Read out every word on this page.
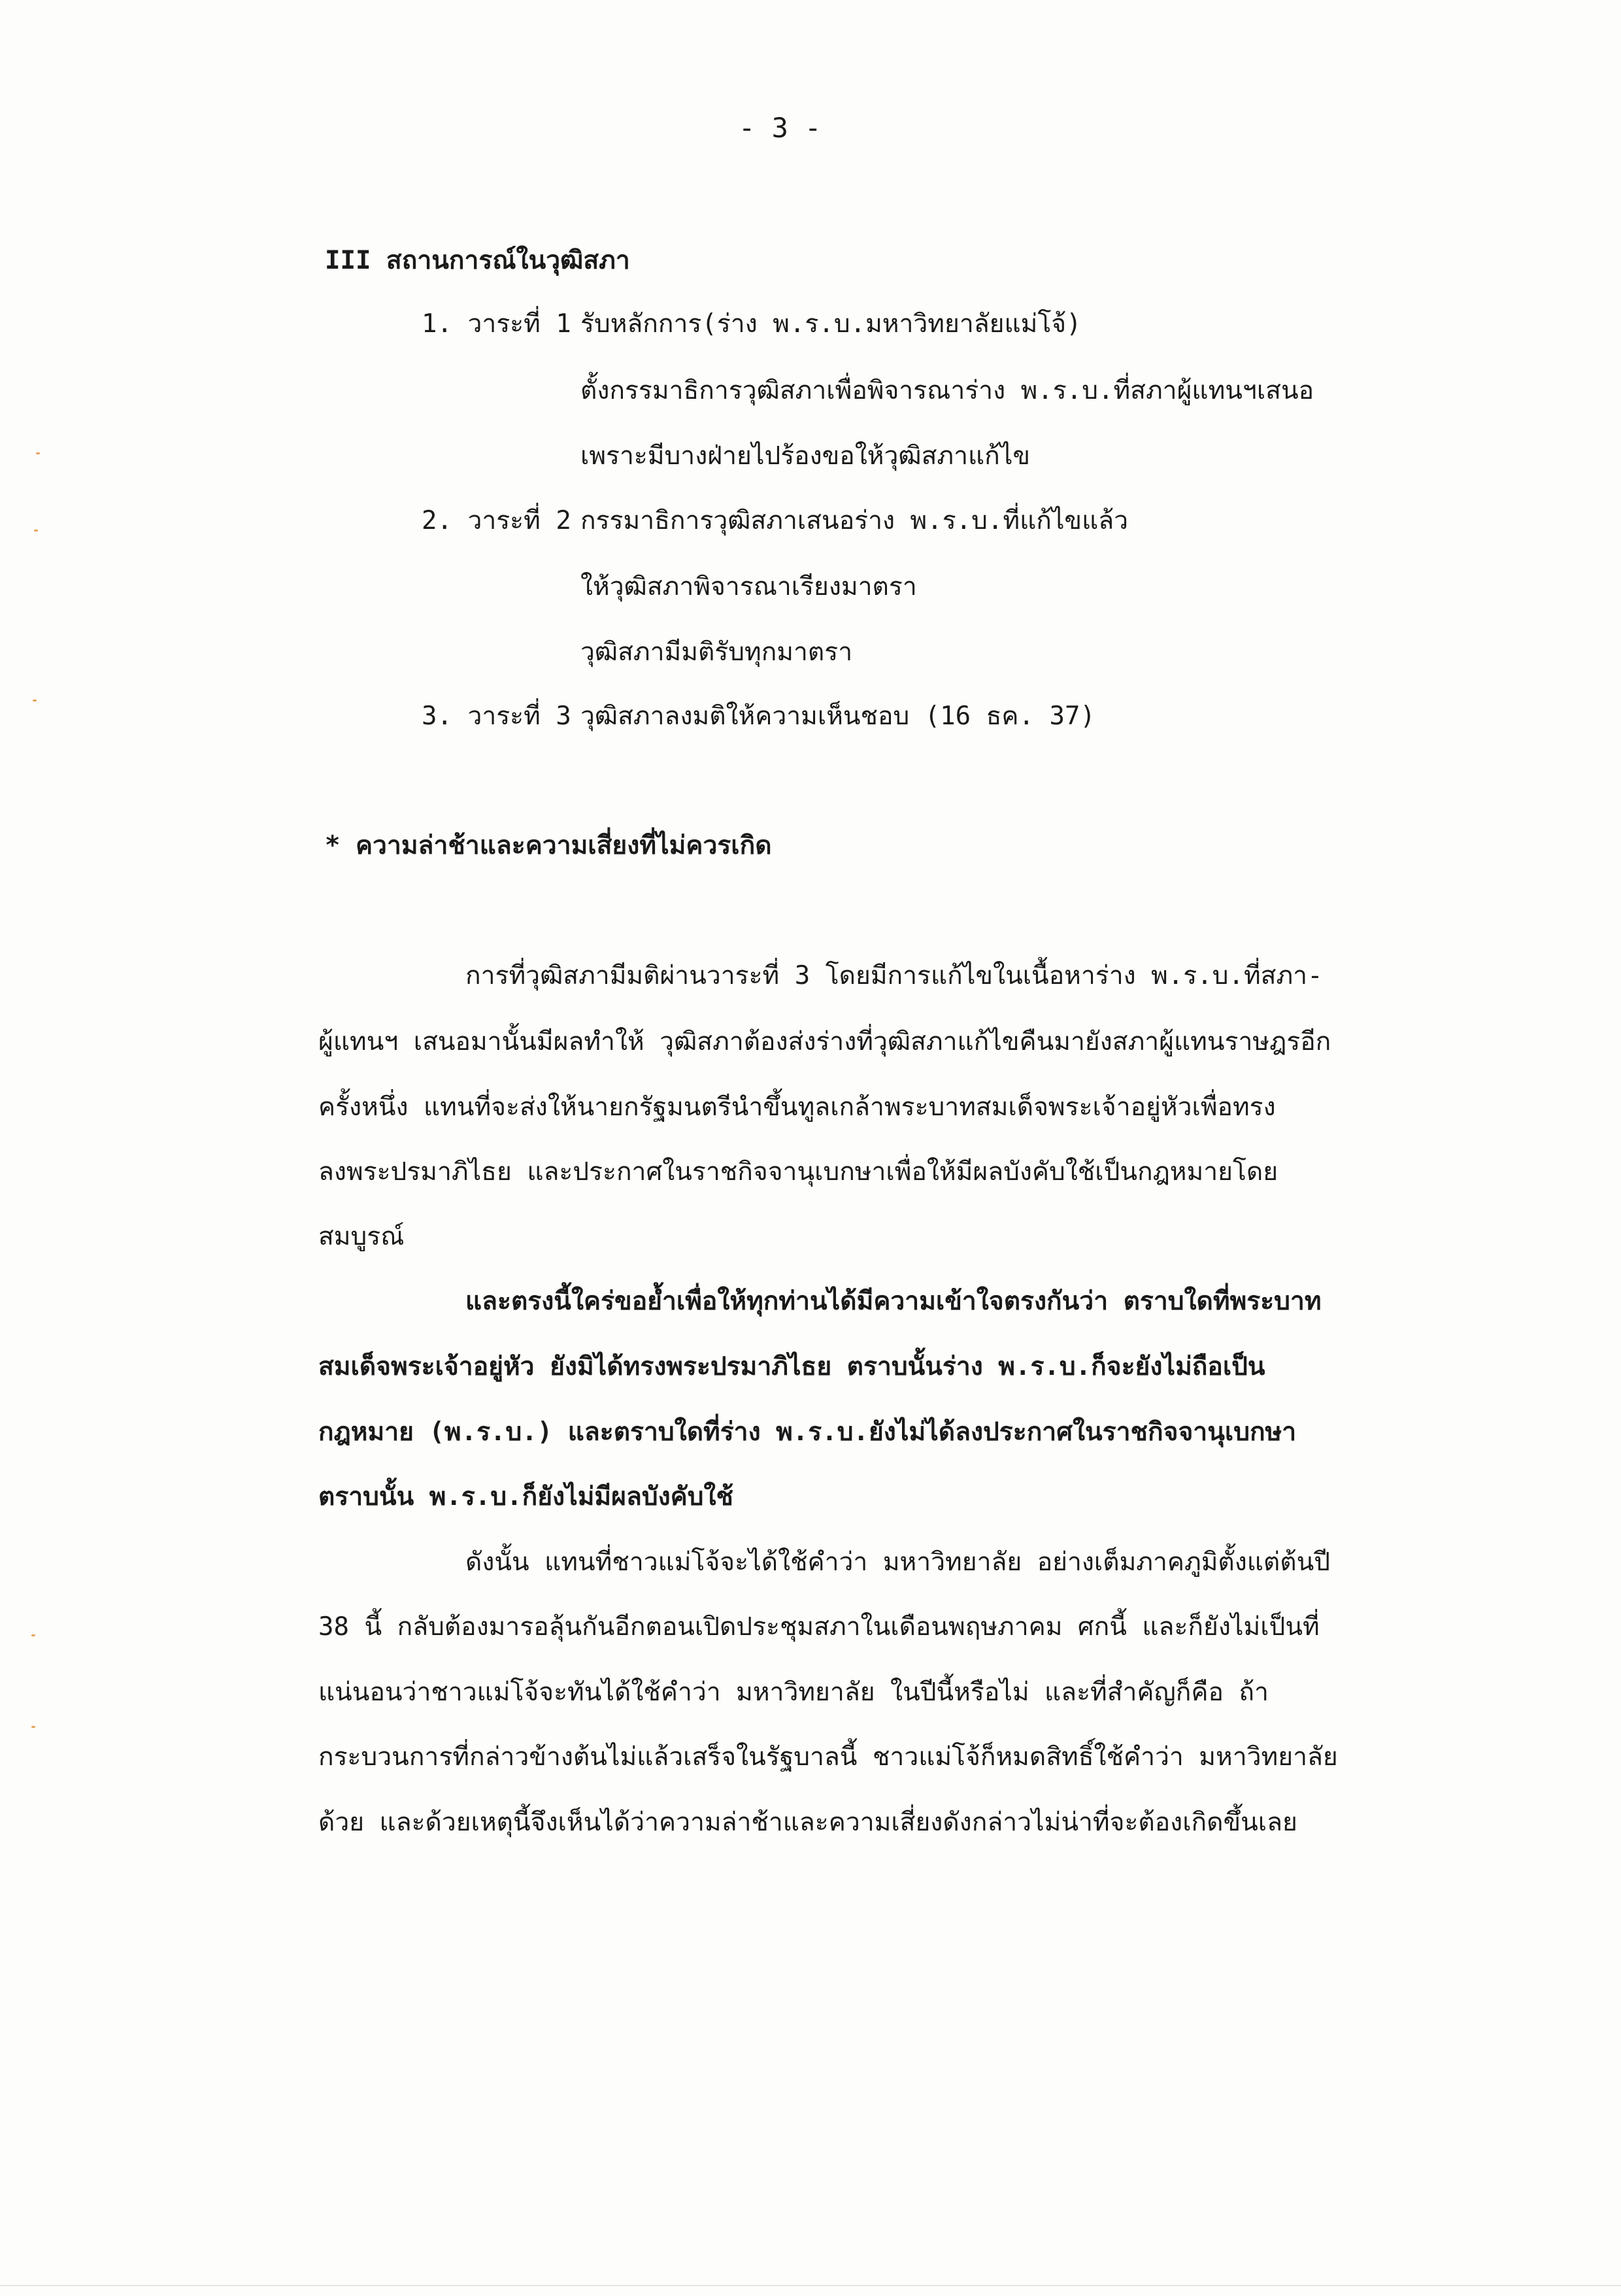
- 3 -
III สถานการณ์ในวุฒิสภา
1. วาระที่ 1 รับหลักการ(ร่าง พ.ร.บ.มหาวิทยาลัยแม่โจ้)
ตั้งกรรมาธิการวุฒิสภาเพื่อพิจารณาร่าง พ.ร.บ.ที่สภาผู้แทนฯเสนอ
เพราะมีบางฝ่ายไปร้องขอให้วุฒิสภาแก้ไข
2. วาระที่ 2 กรรมาธิการวุฒิสภาเสนอร่าง พ.ร.บ.ที่แก้ไขแล้ว
ให้วุฒิสภาพิจารณาเรียงมาตรา
วุฒิสภามีมติรับทุกมาตรา
3. วาระที่ 3 วุฒิสภาลงมติให้ความเห็นชอบ (16 ธค. 37)
* ความล่าช้าและความเสี่ยงที่ไม่ควรเกิด
การที่วุฒิสภามีมติผ่านวาระที่ 3 โดยมีการแก้ไขในเนื้อหาร่าง พ.ร.บ.ที่สภา-
ผู้แทนฯ เสนอมานั้นมีผลทำให้ วุฒิสภาต้องส่งร่างที่วุฒิสภาแก้ไขคืนมายังสภาผู้แทนราษฎรอีก
ครั้งหนึ่ง แทนที่จะส่งให้นายกรัฐมนตรีนำขึ้นทูลเกล้าพระบาทสมเด็จพระเจ้าอยู่หัวเพื่อทรง
ลงพระปรมาภิไธย และประกาศในราชกิจจานุเบกษาเพื่อให้มีผลบังคับใช้เป็นกฎหมายโดย
สมบูรณ์
และตรงนี้ใคร่ขอย้ำเพื่อให้ทุกท่านได้มีความเข้าใจตรงกันว่า ตราบใดที่พระบาท
สมเด็จพระเจ้าอยู่หัว ยังมิได้ทรงพระปรมาภิไธย ตราบนั้นร่าง พ.ร.บ.ก็จะยังไม่ถือเป็น
กฎหมาย (พ.ร.บ.) และตราบใดที่ร่าง พ.ร.บ.ยังไม่ได้ลงประกาศในราชกิจจานุเบกษา
ตราบนั้น พ.ร.บ.ก็ยังไม่มีผลบังคับใช้
ดังนั้น แทนที่ชาวแม่โจ้จะได้ใช้คำว่า มหาวิทยาลัย อย่างเต็มภาคภูมิตั้งแต่ต้นปี
38 นี้ กลับต้องมารอลุ้นกันอีกตอนเปิดประชุมสภาในเดือนพฤษภาคม ศกนี้ และก็ยังไม่เป็นที่
แน่นอนว่าชาวแม่โจ้จะทันได้ใช้คำว่า มหาวิทยาลัย ในปีนี้หรือไม่ และที่สำคัญก็คือ ถ้า
กระบวนการที่กล่าวข้างต้นไม่แล้วเสร็จในรัฐบาลนี้ ชาวแม่โจ้ก็หมดสิทธิ์ใช้คำว่า มหาวิทยาลัย
ด้วย และด้วยเหตุนี้จึงเห็นได้ว่าความล่าช้าและความเสี่ยงดังกล่าวไม่น่าที่จะต้องเกิดขึ้นเลย
